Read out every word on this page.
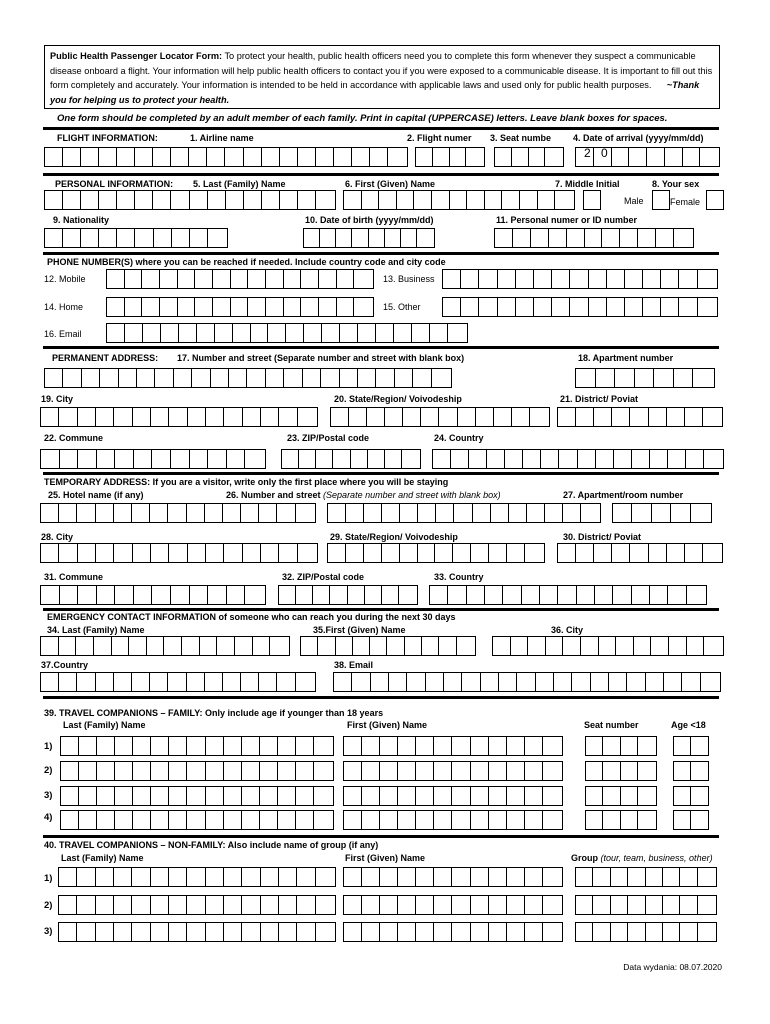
Public Health Passenger Locator Form: To protect your health, public health officers need you to complete this form whenever they suspect a communicable disease onboard a flight. Your information will help public health officers to contact you if you were exposed to a communicable disease. It is important to fill out this form completely and accurately. Your information is intended to be held in accordance with applicable laws and used only for public health purposes. ~Thank you for helping us to protect your health.
One form should be completed by an adult member of each family. Print in capital (UPPERCASE) letters. Leave blank boxes for spaces.
FLIGHT INFORMATION:	1. Airline name	2. Flight numer 3. Seat numbe 4. Date of arrival (yyyy/mm/dd)
2 0
PERSONAL INFORMATION: 5. Last (Family) Name	6. First (Given) Name	7. Middle Initial	8. Your sex
Male	Female
9. Nationality	10. Date of birth (yyyy/mm/dd)	11. Personal numer or ID number
PHONE NUMBER(S) where you can be reached if needed. Include country code and city code
12. Mobile	13. Business
14. Home	15. Other
16. Email
PERMANENT ADDRESS: 17. Number and street (Separate number and street with blank box)	18. Apartment number
19. City	20. State/Region/ Voivodeship	21. District/ Poviat
22. Commune	23. ZIP/Postal code	24. Country
TEMPORARY ADDRESS: If you are a visitor, write only the first place where you will be staying
25. Hotel name (if any)	26. Number and street (Separate number and street with blank box)	27. Apartment/room number
28. City	29. State/Region/ Voivodeship	30. District/ Poviat
31. Commune	32. ZIP/Postal code	33. Country
EMERGENCY CONTACT INFORMATION of someone who can reach you during the next 30 days
34. Last (Family) Name	35.First (Given) Name	36. City
37.Country	38. Email
39. TRAVEL COMPANIONS – FAMILY: Only include age if younger than 18 years
Last (Family) Name	First (Given) Name	Seat number	Age <18
1)
2)
3)
4)
40. TRAVEL COMPANIONS – NON-FAMILY: Also include name of group (if any)
Last (Family) Name	First (Given) Name	Group (tour, team, business, other)
1)
2)
3)
Data wydania: 08.07.2020
